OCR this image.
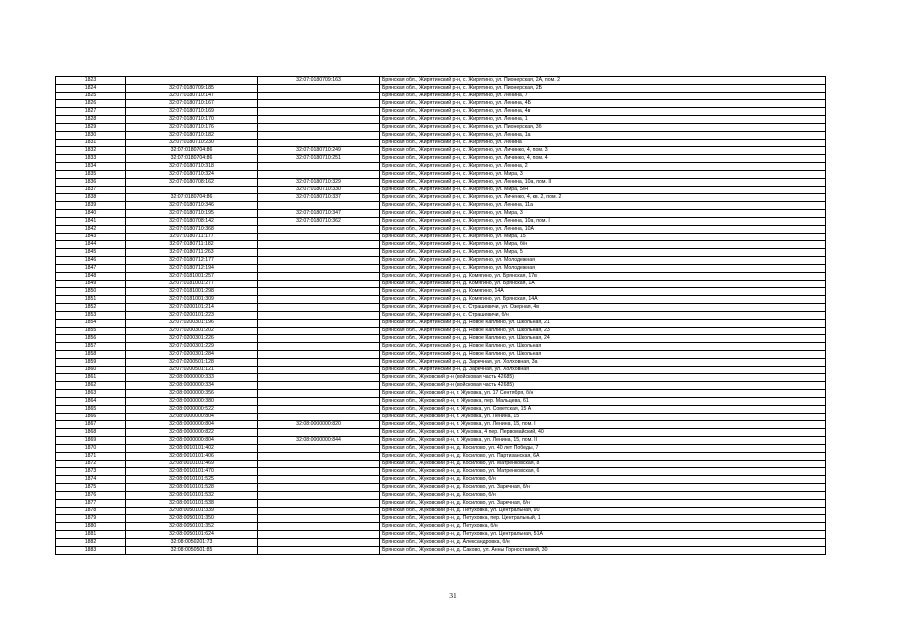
1823		32:07:0180709:163	Брянская обл., Жирятинский р-н, с. Жирятино, ул. Пионерская, 2А, пом. 2
1824	32:07:0180709:185		Брянская обл., Жирятинский р-н, с. Жирятино, ул. Пионерская, 2Б
1825	32:07:0180710:147		Брянская обл., Жирятинский р-н, с. Жирятино, ул. Ленина, 7
1826	32:07:0180710:167		Брянская обл., Жирятинский р-н, с. Жирятино, ул. Ленина, 4Б
1827	32:07:0180710:169		Брянская обл., Жирятинский р-н, с. Жирятино, ул. Ленина, 4в
1828	32:07:0180710:170		Брянская обл., Жирятинский р-н, с. Жирятино, ул. Ленина, 1
1829	32:07:0180710:176		Брянская обл., Жирятинский р-н, с. Жирятино, ул. Пионерская, 3б
1830	32:07:0180710:182		Брянская обл., Жирятинский р-н, с. Жирятино, ул. Ленина, 1а
1831	32:07:0180710:230		Брянская обл., Жирятинский р-н, с. Жирятино, ул. Ленина
1832	32:07:0180704:86	32:07:0180710:249	Брянская обл., Жирятинский р-н, с. Жирятино, ул. Личинко, 4, пом. 3
1833	32:07:0180704:86	32:07:0180710:251	Брянская обл., Жирятинский р-н, с. Жирятино, ул. Личинко, 4, пом. 4
1834	32:07:0180710:318		Брянская обл., Жирятинский р-н, с. Жирятино, ул. Ленина, 2
1835	32:07:0180710:324		Брянская обл., Жирятинский р-н, с. Жирятино, ул. Мира, 3
1836	32:07:0180708:162	32:07:0180710:329	Брянская обл., Жирятинский р-н, с. Жирятино, ул. Ленина, 10а, пом. II
1837		32:07:0180710:330	Брянская обл., Жирятинский р-н, с. Жирятино, ул. Мира, 5/Н
1838	32:07:0180704:86	32:07:0180710:337	Брянская обл., Жирятинский р-н, с. Жирятино, ул. Личенко, 4, кв. 2, пом. 2
1839	32:07:0180710:346		Брянская обл., Жирятинский р-н, с. Жирятино, ул. Ленина, 11а
1840	32:07:0180710:195	32:07:0180710:347	Брянская обл., Жирятинский р-н, с. Жирятино, ул. Мира, 3
1841	32:07:0180708:142	32:07:0180710:362	Брянская обл., Жирятинский р-н, с. Жирятино, ул. Ленина, 10а, пом. I
1842	32:07:0180710:368		Брянская обл., Жирятинский р-н, с. Жирятино, ул. Ленина, 10А
1843	32:07:0180711:177		Брянская обл., Жирятинский р-н, с. Жирятино, ул. Мира, 15
1844	32:07:0180711:182		Брянская обл., Жирятинский р-н, с. Жирятино, ул. Мира, б/н
1845	32:07:0180711:263		Брянская обл., Жирятинский р-н, с. Жирятино, ул. Мира, 5
1846	32:07:0180712:177		Брянская обл., Жирятинский р-н, с. Жирятино, ул. Молодежная
1847	32:07:0180712:194		Брянская обл., Жирятинский р-н, с. Жирятино, ул. Молодежная
1848	32:07:0181001:257		Брянская обл., Жирятинский р-н, д. Комягино, ул. Брянская, 17в
1849	32:07:0181001:277		Брянская обл., Жирятинский р-н, д. Комягино, ул. Брянская, 1А
1850	32:07:0181001:298		Брянская обл., Жирятинский р-н, д. Комягино, 14А
1851	32:07:0181001:309		Брянская обл., Жирятинский р-н, д. Комягино, ул. Брянская, 14А
1852	32:07:0200101:214		Брянская обл., Жирятинский р-н, с. Страшевичи, ул. Озерная, 4в
1853	32:07:0200101:223		Брянская обл., Жирятинский р-н, с. Страшевичи, б/н
1854	32:07:0200301:196		Брянская обл., Жирятинский р-н, д. Новое Каплино, ул. Школьная, 21
1855	32:07:0200301:202		Брянская обл., Жирятинский р-н, д. Новое Каплино, ул. Школьная, 23
1856	32:07:0200301:226		Брянская обл., Жирятинский р-н, д. Новое Каплино, ул. Школьная, 24
1857	32:07:0200301:229		Брянская обл., Жирятинский р-н, д. Новое Каплино, ул. Школьная
1858	32:07:0200301:284		Брянская обл., Жирятинский р-н, д. Новое Каплино, ул. Школьная
1859	32:07:0200501:128		Брянская обл., Жирятинский р-н, д. Заречная, ул. Холховная, 3а
1860	32:07:0200501:121		Брянская обл., Жирятинский р-н, д. Заречная, ул. Холховная
1861	32:08:0000000:333		Брянская обл., Жуковский р-н (войсковая часть 42685)
1862	32:08:0000000:334		Брянская обл., Жуковский р-н (войсковая часть 42685)
1863	32:08:0000000:356		Брянская обл., Жуковский р-н, г. Жуковка, ул. 17 Сентября, б/н
1864	32:08:0000000:380		Брянская обл., Жуковский р-н, г. Жуковка, пер. Мальцева, 61
1865	32:08:0000000:522		Брянская обл., Жуковский р-н, г. Жуковка, ул. Советская, 15 А
1866	32:08:0000000:804		Брянская обл., Жуковский р-н, г. Жуковка, ул. Ленина, 15
1867	32:08:0000000:804	32:08:0000000:820	Брянская обл., Жуковский р-н, г. Жуковка, ул. Ленина, 15, пом. I
1868	32:08:0000000:822		Брянская обл., Жуковский р-н, г. Жуковка, 4 пер. Первомайский, 40
1869	32:08:0000000:804	32:08:0000000:844	Брянская обл., Жуковский р-н, г. Жуковка, ул. Ленина, 15, пом. II
1870	32:08:0010101:402		Брянская обл., Жуковский р-н, д. Косилово, ул. 40 лет Победы, 7
1871	32:08:0010101:406		Брянская обл., Жуковский р-н, д. Косилово, ул. Партизанская, 6А
1872	32:08:0010101:469		Брянская обл., Жуковский р-н, д. Косилово, ул. Матренковская, 8
1873	32:08:0010101:470		Брянская обл., Жуковский р-н, д. Косилово, ул. Матренковская, 6
1874	32:08:0010101:525		Брянская обл., Жуковский р-н, д. Косилово, б/н
1875	32:08:0010101:528		Брянская обл., Жуковский р-н, д. Косилово, ул. Заречная, б/н
1876	32:08:0010101:532		Брянская обл., Жуковский р-н, д. Косилово, б/н
1877	32:08:0010101:538		Брянская обл., Жуковский р-н, д. Косилово, ул. Заречная, б/н
1878	32:08:0050101:339		Брянская обл., Жуковский р-н, д. Петуховка, ул. Центральная, 90
1879	32:08:0050101:350		Брянская обл., Жуковский р-н, д. Петуховка, пер. Центральный, 1
1880	32:08:0050101:352		Брянская обл., Жуковский р-н, д. Петуховка, б/н
1881	32:08:0050101:624		Брянская обл., Жуковский р-н, д. Петуховка, ул. Центральная, 51А
1882	32:08:0050201:73		Брянская обл., Жуковский р-н, д. Александровка, б/н
1883	32:08:0050501:85		Брянская обл., Жуковский р-н, д. Саково, ул. Анны Горностаевой, 30
31
